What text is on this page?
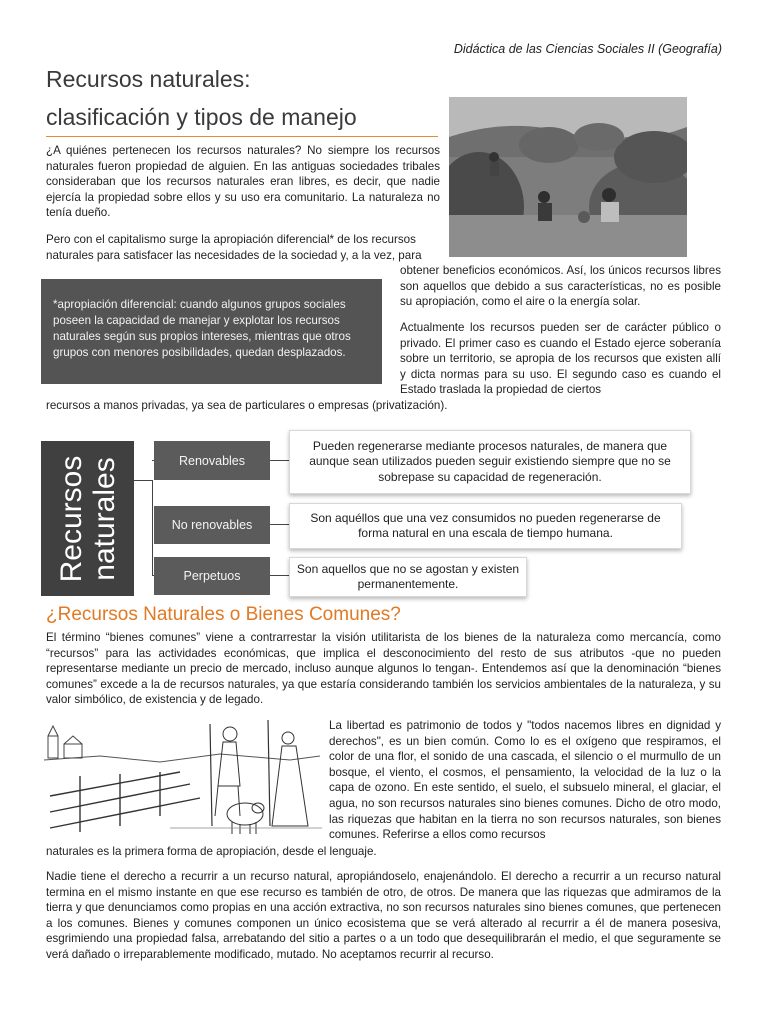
Didáctica de las Ciencias Sociales II (Geografía)
Recursos naturales:
clasificación y tipos de manejo
¿A quiénes pertenecen los recursos naturales? No siempre los recursos naturales fueron propiedad de alguien. En las antiguas sociedades tribales consideraban que los recursos naturales eran libres, es decir, que nadie ejercía la propiedad sobre ellos y su uso era comunitario. La naturaleza no tenía dueño.
Pero con el capitalismo surge la apropiación diferencial* de los recursos naturales para satisfacer las necesidades de la sociedad y, a la vez, para
obtener beneficios económicos. Así, los únicos recursos libres son aquellos que debido a sus características, no es posible su apropiación, como el aire o la energía solar.
*apropiación diferencial: cuando algunos grupos sociales poseen la capacidad de manejar y explotar los recursos naturales según sus propios intereses, mientras que otros grupos con menores posibilidades, quedan desplazados.
Actualmente los recursos pueden ser de carácter público o privado. El primer caso es cuando el Estado ejerce soberanía sobre un territorio, se apropia de los recursos que existen allí y dicta normas para su uso. El segundo caso es cuando el Estado traslada la propiedad de ciertos
recursos a manos privadas, ya sea de particulares o empresas (privatización).
Recursos naturales	Renovables
Pueden regenerarse mediante procesos naturales, de manera que aunque sean utilizados pueden seguir existiendo siempre que no se sobrepase su capacidad de regeneración.
No renovables
Son aquéllos que una vez consumidos no pueden regenerarse de forma natural en una escala de tiempo humana.
Perpetuos
Son aquellos que no se agostan y existen permanentemente.
¿Recursos Naturales o Bienes Comunes?
El término “bienes comunes” viene a contrarrestar la visión utilitarista de los bienes de la naturaleza como mercancía, como “recursos” para las actividades económicas, que implica el desconocimiento del resto de sus atributos -que no pueden representarse mediante un precio de mercado, incluso aunque algunos lo tengan-. Entendemos así que la denominación “bienes comunes” excede a la de recursos naturales, ya que estaría considerando también los servicios ambientales de la naturaleza, y su valor simbólico, de existencia y de legado.
La libertad es patrimonio de todos y "todos nacemos libres en dignidad y derechos", es un bien común. Como lo es el oxígeno que respiramos, el color de una flor, el sonido de una cascada, el silencio o el murmullo de un bosque, el viento, el cosmos, el pensamiento, la velocidad de la luz o la capa de ozono. En este sentido, el suelo, el subsuelo mineral, el glaciar, el agua, no son recursos naturales sino bienes comunes. Dicho de otro modo, las riquezas que habitan en la tierra no son recursos naturales, son bienes comunes. Referirse a ellos como recursos
naturales es la primera forma de apropiación, desde el lenguaje.
Nadie tiene el derecho a recurrir a un recurso natural, apropiándoselo, enajenándolo. El derecho a recurrir a un recurso natural termina en el mismo instante en que ese recurso es también de otro, de otros. De manera que las riquezas que admiramos de la tierra y que denunciamos como propias en una acción extractiva, no son recursos naturales sino bienes comunes, que pertenecen a los comunes. Bienes y comunes componen un único ecosistema que se verá alterado al recurrir a él de manera posesiva, esgrimiendo una propiedad falsa, arrebatando del sitio a partes o a un todo que desequilibrarán el medio, el que seguramente se verá dañado o irreparablemente modificado, mutado. No aceptamos recurrir al recurso.
